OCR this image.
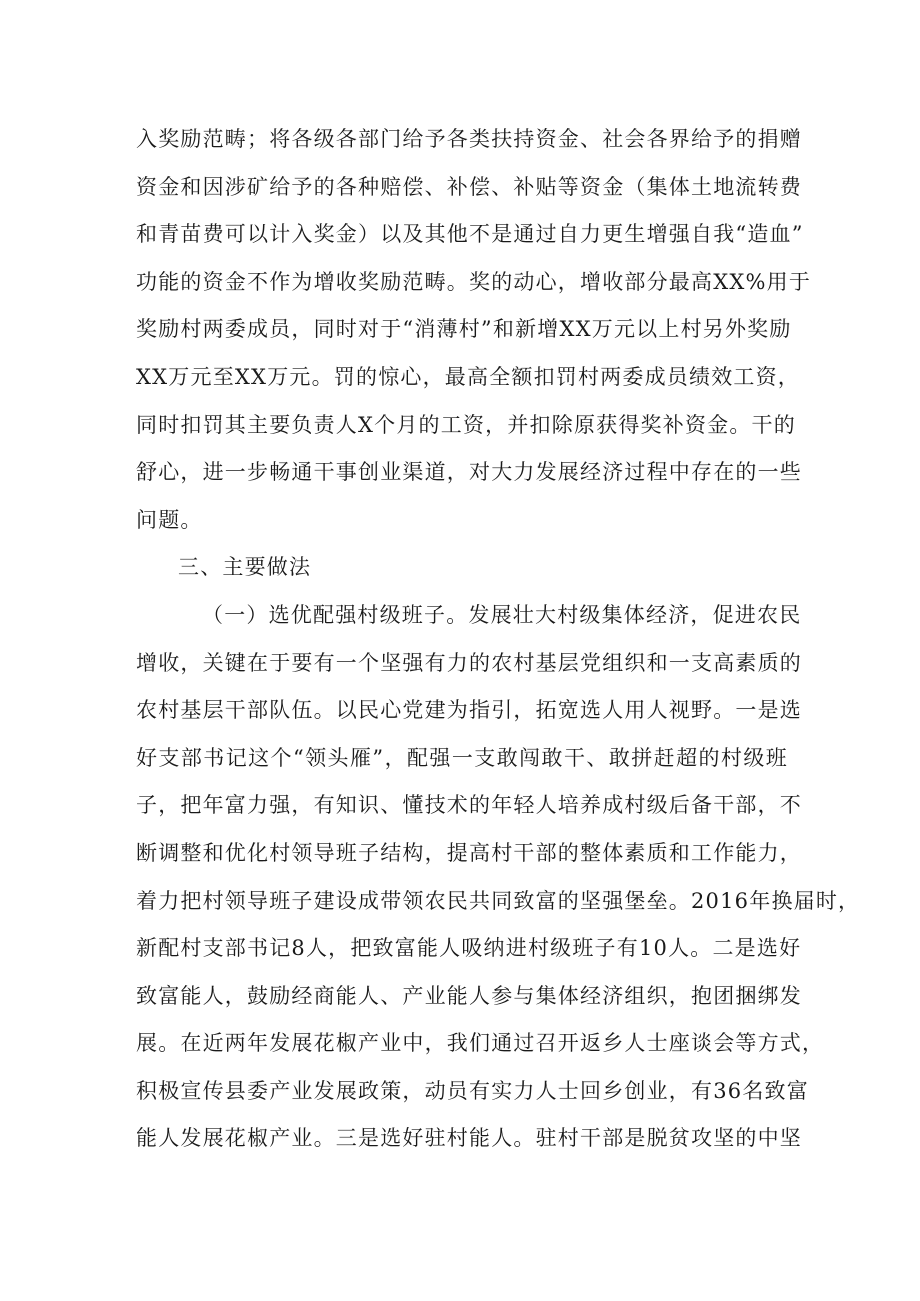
入奖励范畴；将各级各部门给予各类扶持资金、社会各界给予的捐赠
资金和因涉矿给予的各种赔偿、补偿、补贴等资金（集体土地流转费
和青苗费可以计入奖金）以及其他不是通过自力更生增强自我“造血”
功能的资金不作为增收奖励范畴。奖的动心，增收部分最高XX%用于
奖励村两委成员，同时对于“消薄村”和新增XX万元以上村另外奖励
XX万元至XX万元。罚的惊心，最高全额扣罚村两委成员绩效工资，
同时扣罚其主要负责人X个月的工资，并扣除原获得奖补资金。干的
舒心，进一步畅通干事创业渠道，对大力发展经济过程中存在的一些
问题。
三、主要做法
（一）选优配强村级班子。发展壮大村级集体经济，促进农民
增收，关键在于要有一个坚强有力的农村基层党组织和一支高素质的
农村基层干部队伍。以民心党建为指引，拓宽选人用人视野。一是选
好支部书记这个“领头雁”，配强一支敢闯敢干、敢拼赶超的村级班
子，把年富力强，有知识、懂技术的年轻人培养成村级后备干部，不
断调整和优化村领导班子结构，提高村干部的整体素质和工作能力，
着力把村领导班子建设成带领农民共同致富的坚强堡垒。2016年换届时，
新配村支部书记8人，把致富能人吸纳进村级班子有10人。二是选好
致富能人，鼓励经商能人、产业能人参与集体经济组织，抱团捆绑发
展。在近两年发展花椒产业中，我们通过召开返乡人士座谈会等方式，
积极宣传县委产业发展政策，动员有实力人士回乡创业，有36名致富
能人发展花椒产业。三是选好驻村能人。驻村干部是脱贫攻坚的中坚
